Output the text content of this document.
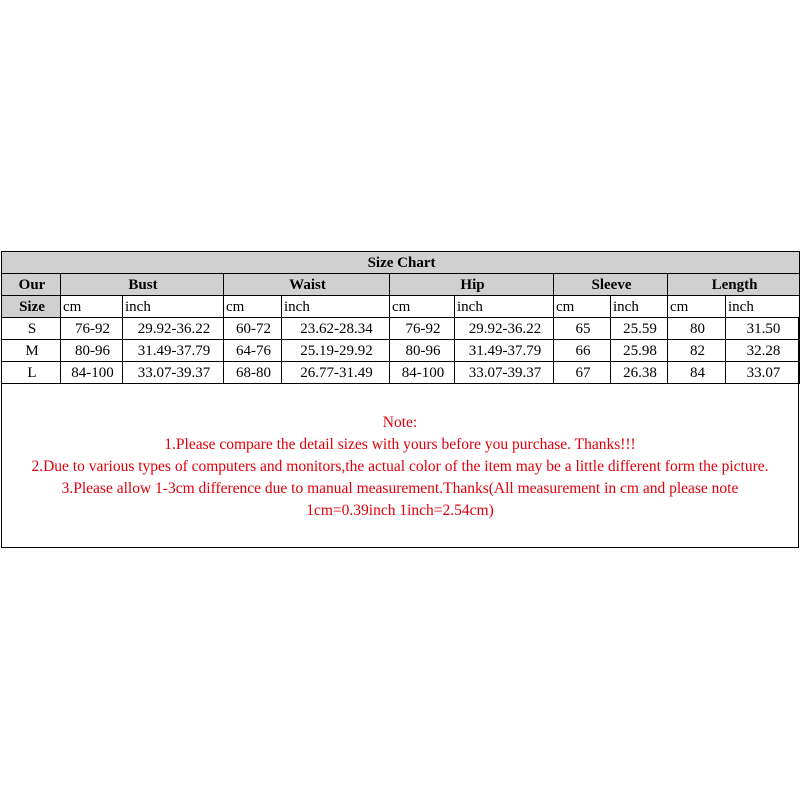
Size Chart										
Our	Bust		Waist		Hip		Sleeve		Length	
Size	cm	inch	cm	inch	cm	inch	cm	inch	cm	inch
S	76-92	29.92-36.22	60-72	23.62-28.34	76-92	29.92-36.22	65	25.59	80	31.50
M	80-96	31.49-37.79	64-76	25.19-29.92	80-96	31.49-37.79	66	25.98	82	32.28
L	84-100	33.07-39.37	68-80	26.77-31.49	84-100	33.07-39.37	67	26.38	84	33.07
Note:
1.Please compare the detail sizes with yours before you purchase. Thanks!!!
2.Due to various types of computers and monitors,the actual color of the item may be a little different form the picture.
3.Please allow 1-3cm difference due to manual measurement.Thanks(All measurement in cm and please note
1cm=0.39inch 1inch=2.54cm)
